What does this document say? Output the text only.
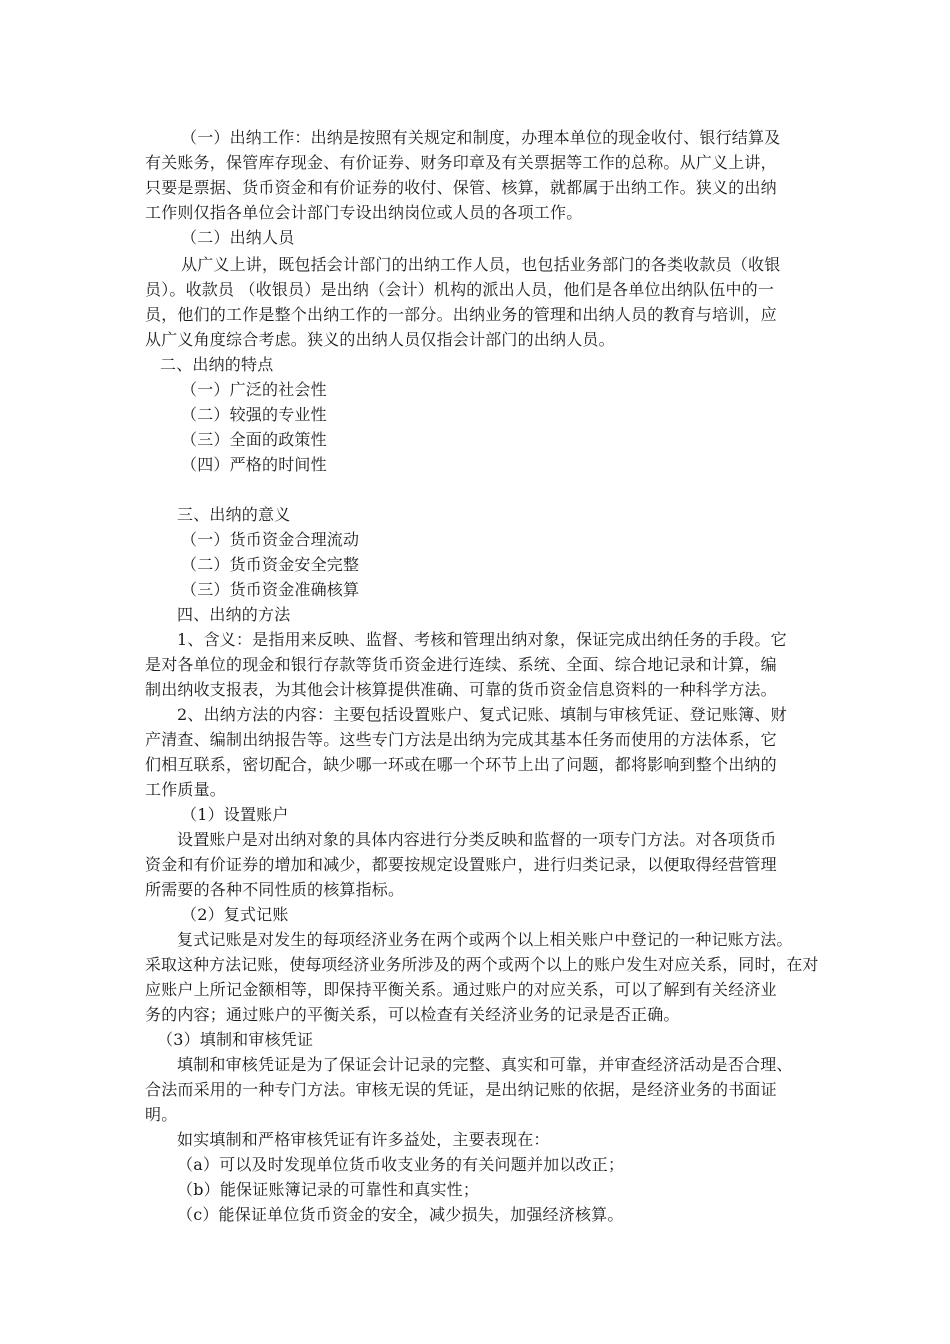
（一）出纳工作：出纳是按照有关规定和制度，办理本单位的现金收付、银行结算及
有关账务，保管库存现金、有价证券、财务印章及有关票据等工作的总称。从广义上讲，
只要是票据、货币资金和有价证券的收付、保管、核算，就都属于出纳工作。狭义的出纳
工作则仅指各单位会计部门专设出纳岗位或人员的各项工作。
（二）出纳人员
从广义上讲，既包括会计部门的出纳工作人员，也包括业务部门的各类收款员（收银
员）。收款员 （收银员）是出纳（会计）机构的派出人员，他们是各单位出纳队伍中的一
员，他们的工作是整个出纳工作的一部分。出纳业务的管理和出纳人员的教育与培训，应
从广义角度综合考虑。狭义的出纳人员仅指会计部门的出纳人员。
二、出纳的特点
（一）广泛的社会性
（二）较强的专业性
（三）全面的政策性
（四）严格的时间性
三、出纳的意义
（一）货币资金合理流动
（二）货币资金安全完整
（三）货币资金准确核算
四、出纳的方法
1、含义：是指用来反映、监督、考核和管理出纳对象，保证完成出纳任务的手段。它
是对各单位的现金和银行存款等货币资金进行连续、系统、全面、综合地记录和计算，编
制出纳收支报表，为其他会计核算提供准确、可靠的货币资金信息资料的一种科学方法。
2、出纳方法的内容：主要包括设置账户、复式记账、填制与审核凭证、登记账簿、财
产清查、编制出纳报告等。这些专门方法是出纳为完成其基本任务而使用的方法体系，它
们相互联系，密切配合，缺少哪一环或在哪一个环节上出了问题，都将影响到整个出纳的
工作质量。
（1）设置账户
设置账户是对出纳对象的具体内容进行分类反映和监督的一项专门方法。对各项货币
资金和有价证券的增加和减少，都要按规定设置账户，进行归类记录，以便取得经营管理
所需要的各种不同性质的核算指标。
（2）复式记账
复式记账是对发生的每项经济业务在两个或两个以上相关账户中登记的一种记账方法。
采取这种方法记账，使每项经济业务所涉及的两个或两个以上的账户发生对应关系，同时，在对
应账户上所记金额相等，即保持平衡关系。通过账户的对应关系，可以了解到有关经济业
务的内容；通过账户的平衡关系，可以检查有关经济业务的记录是否正确。
（3）填制和审核凭证
填制和审核凭证是为了保证会计记录的完整、真实和可靠，并审查经济活动是否合理、
合法而采用的一种专门方法。审核无误的凭证，是出纳记账的依据，是经济业务的书面证
明。
如实填制和严格审核凭证有许多益处，主要表现在：
（a）可以及时发现单位货币收支业务的有关问题并加以改正；
（b）能保证账簿记录的可靠性和真实性；
（c）能保证单位货币资金的安全，减少损失，加强经济核算。
